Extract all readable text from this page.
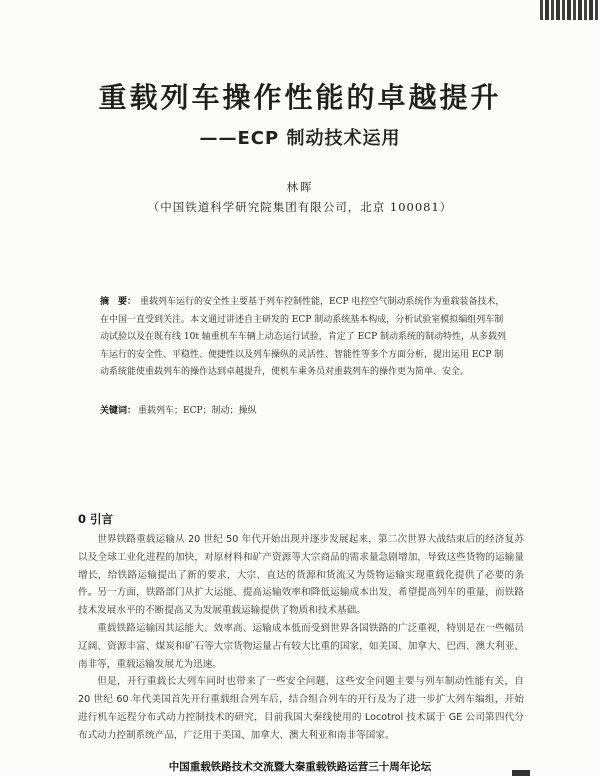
重载列车操作性能的卓越提升
——ECP 制动技术运用
林晖
（中国铁道科学研究院集团有限公司，北京 100081）
摘　要： 重载列车运行的安全性主要基于列车控制性能，ECP 电控空气制动系统作为重载装备技术，在中国一直受到关注。本文通过讲述自主研发的 ECP 制动系统基本构成，分析试验室模拟编组列车制动试验以及在既有线 10t 轴重机车车辆上动态运行试验，肯定了 ECP 制动系统的制动特性，从多载列车运行的安全性、平稳性、便捷性以及列车操纵的灵活性、智能性等多个方面分析，提出运用 ECP 制动系统能使重载列车的操作达到卓越提升，使机车乘务员对重载列车的操作更为简单、安全。
关键词： 重载列车；ECP；制动；操纵
0 引言

世界铁路重载运输从 20 世纪 50 年代开始出现并逐步发展起来，第二次世界大战结束后的经济复苏以及全球工业化进程的加快，对原材料和矿产资源等大宗商品的需求量急剧增加，导致这些货物的运输量增长，给铁路运输提出了新的要求，大宗、直达的货源和货流又为货物运输实现重载化提供了必要的条件。另一方面，铁路部门从扩大运能、提高运输效率和降低运输成本出发，希望提高列车的重量，而铁路技术发展水平的不断提高又为发展重载运输提供了物质和技术基础。

重载铁路运输因其运能大、效率高、运输成本低而受到世界各国铁路的广泛重视，特别是在一些幅员辽阔、资源丰富、煤炭和矿石等大宗货物运量占有较大比重的国家，如美国、加拿大、巴西、澳大利亚、南非等，重载运输发展尤为迅速。

但是，开行重载长大列车同时也带来了一些安全问题，这些安全问题主要与列车制动性能有关，自 20 世纪 60 年代美国首先开行重载组合列车后，结合组合列车的开行及为了进一步扩大列车编组，开始进行机车远程分布式动力控制技术的研究，目前我国大秦线使用的 Locotrol 技术属于 GE 公司第四代分布式动力控制系统产品，广泛用于美国、加拿大、澳大利亚和南非等国家。

中国重载铁路技术交流暨大秦重载铁路运营三十周年论坛
